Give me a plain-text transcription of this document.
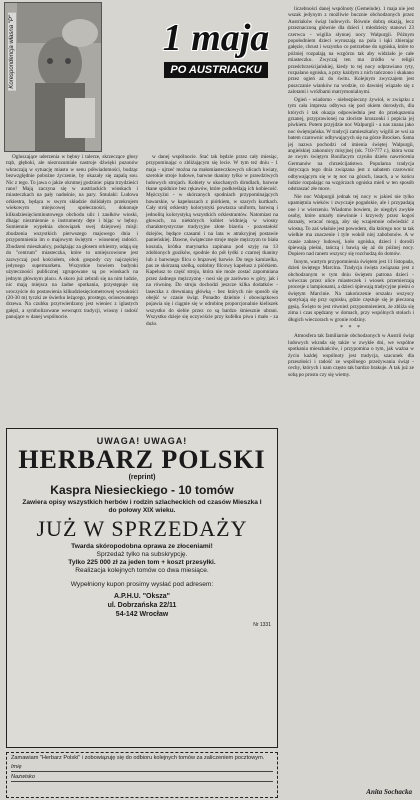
Korespondencja własna "P"	1 maja
PO AUSTRIACKU

Ogluszające uderzenia w bębny i talerze, skrzeczące głosy trąb, głęboki, ale niezrozumiałe nastroje dźwięki puzonów wkraczają w sytuację miastu w senu półwiadomości, budząc bezwzględnie pobożne życzenie, by okazały się zapalą sou. Nic z tego. To jawa o jakże okrutnej godzinie: piąta trzydzieści rano! Mają zaczyna się w austriackich wioskach i miasteczkach na pały nadośnie, na pary. Smulaki: Ludowa orkiestra, będąca w swym składzie dolidałym przekrojem wiekowym miejscowej społeczności, dokonuje kilkudziesięciominutowego obchodu ulic i zaułków wioski, dbając niezmiennie o instrumenty dęte i bijąc w bębny. Sumiennie wypełnia obowiązek swej dziejowej misji: zbudzenia wszystkich pierwszego majowego dnia i przypomnienia im o majowym świętym - wiosennej radości. Zbudzeni mieszkańcy, podążając za głosem orkiestry, udają się do "centrum" miasteczka, które to umiejscowione jest zazwyczaj pod kościołem, obok gospody czy najczęściej jedynego supermarketu. Wszystkie bowiem budynki użyteczności publicznej zgrupowane są po wioskach na jednym głównym placu. A skoro już zebrali się na nim ludzie, nic mają miejsca na żadne spotkania, przystępuje się uroczyście do postawienia kilkudziesięciometrowej wysokości (20-30 m) tyczki ze świerku leżącego, prostego, ociosowanego drzewa. Na czubku przytwierdzony jest wieniec z iglastych gałęzi, a symbolizowane wewnątrz tradycji, wiosny i radość panujące w danej wspólnocie.

w danej wspólnocie. Stać tak będzie przez cały miesiąc, przypominając o zbliżającym się lecie. W tym też dniu - 1 maja - ujrzeć można na małomiasteczkowych ulicach kwiaty, szerokie stroje ludowe, barwne tkaniny tylko w prawdziwych ludowych strojach. Kobiety w ukochanych dirndlach, barwne tkane spódnice bez rękawów, które podkreślają ich kobiecość. Mężczyźni - w skórzanych spodniach przypominających bawarskie, w kapeluszach z piórkiem, w szarych kurtkach. Cały strój orkiestry kolorystyki powtarza uniform, barwną i jednolitą kolorystyką wszystkich orkiestrantów. Natomiast na głowach, na niektórych kobiet widnieją w wiosny charakterystyczne tradycyjne złote bizeria - pozostałość dziejów, będące czasami i na lata w atrakcyjnej postawie panieńskiej. Dawne, świąteczne stroje męże mężczyzn to biała koszula, krótka marynarka zapinana pod szyję na 13 zdobionych guzików, spodnie do pół łydki z czarnej tkaniny lub z barwnego filcu o brązowej barwie. Do tego kamizelka, pas ze skórzaną szelką, ozdobny filcowy kapelusz z piórkiem. Kapelusz to część stroju, która nie może zostać zapomniana przez żadnego mężczyznę - nosi się go zarówno w góry, jak i na równinę. Do stroju dochodzi jeszcze kilka dodatków - laseczka z drewnianą główką - bez których nie sposób się obejść w czasie świąt. Ponadto dzielnie i obowiązkowo pojawia się i ciągnie się w odrobinę proporcjonalnie kieliszek wszystko do siebie przez co są bardzo śmiesznie ubrani. Wszystko dzieje się oczywiście przy kufelku piwa i mało - za dużo.

liczebności danej wspólnoty (Gemeinde). 1 maja nie jest wszak jedynym z możliwie bucznie obchodzonych przez Austriaków świąt ludowych. Równie dobrą okazją, lecz przeznaczoną głównie dla dzieci i młodzieży stanowi 23 czerwca - wigilia słynnej nocy Walpurgii. Późnym popołudniem dzieci wyruszają na pola i łąki zbierając gałęzie, chrust i wszystko co potrzebne do ogniska, które to później rozpalają na wzgórzu tak aby widziało je całe miasteczko. Zwyczaj ten ma źródło w religii przedchrześcijańskiej, kiedy to tej nocy odprawiano ryty, rozpalano ogniska, a przy każdym z nich tańczono i skakano przez ogień aż do świtu. Kolejnym zwyczajem jest puszczanie wianków na wodzie, co dawniej wiązało się z zalotami i wróżbami matrymonialnymi.

Ogień - wiadomo - niebezpieczny żywioł, w związku z tym cała impreza odbywa się pod okiem dorosłych, dla których i tak okazja odpowiednia jest do przekąszenia grzanej, przyprawionej na złociste kruszonki i popicia jej piwkiem. Potem przyjdzie noc Walpurgii - a nas znana jako noc świętojańska. W tradycji zamieszkańcy wigilii ze wsi za batem czarownic odbywających się na górze Brocken. Sama jej nazwa pochodzi od imienia świętej Walpurgii, angielskiej zakonnicy misyjnej (ok. 710-777 r.), która wraz ze swym świętym Bonifacym czyniła dzieło nawrócenia Germanów na chrześcijaństwo. Popularna tradycja dotycząca tego dnia związana jest z sabatem czarownic odbywającym się w tę noc na górach, lasach, a w końcu ludzie rozpalając na wzgórzach ogniska mieli w ten sposób odstraszać złe moce.

Nie noc Walpurgii jednak tej nocy w jakieś nie tylko upamiętnia wieków i zwyczaje pogańskie, ale i przypadają one i w wierzeniu. Wiadomo bowiem, że niegdyś zwykłe osoby, które umarły niewinnie i krzywdy przez kogoś doznały, wracać mogą, aby się wzajemnie odwiedzić z wiosną. To zaś właśnie jest powodem, dla którego noc ta tak wielkie ma znaczenie i tyle wokół niej zabobonów. A w czasie zabawy ludowej, koło ogniska, dzieci i dorośli śpiewają pieśni, tańczą i bawią się aż do późnej nocy. Dopiero nad ranem wszyscy się rozchodzą do domów.

Innym, wartym przypomnienia świętem jest 11 listopada, dzień świętego Marcina. Tradycja święta związana jest z obchodzonym w tym dniu świętem patrona dzieci - wówczas przez ulice miasteczek i wiosek przemierzają procesje z lampionami, a dzieci śpiewają tradycyjne pieśni o świętym Marcinie. Na zakończenie orszaku wszyscy spotykają się przy ognisku, gdzie częstuje się je pieczoną gęsią. Święto to jest również przypomnieniem, że zbliża się zima i czas spędzany w domach, przy wspólnych stołach i długich wieczorach w gronie rodziny.

* * *

Atmosfera tak familiarnie obchodzonych w Austrii świąt ludowych wkrada się także w zwykłe dni, we wspólne spotkania mieszkańców, i przypomina o tym, jak ważna w życiu każdej wspólnoty jest tradycja, szacunek dla przeszłości i radość ze wspólnego przeżywania świąt - cechy, których i nam często tak bardzo brakuje. A tak już ze sobą po prostu czy się wiemy.

UWAGA! UWAGA!
HERBARZ POLSKI
(reprint)
Kaspra Niesieckiego - 10 tomów
Zawiera opisy wszystkich herbów i rodzin szlacheckich od czasów Mieszka I do połowy XIX wieku.
JUŻ W SPRZEDAŻY
Twarda skóropodobna oprawa ze złoceniami!
Sprzedaż tylko na subskrypcję.
Tylko 225 000 zł za jeden tom + koszt przesyłki.
Realizacja kolejnych tomów co dwa miesiące.
Wypełniony kupon prosimy wysłać pod adresem:
A.P.H.U. "Oksza"
ul. Dobrzańska 22/11
54-142 Wrocław
Nr 1331
Zamawiam "Herbarz Polski" i zobowiązuję się do odbioru kolejnych tomów za zaliczeniem pocztowym.
Imię
Nazwisko
Anita Sochacka
